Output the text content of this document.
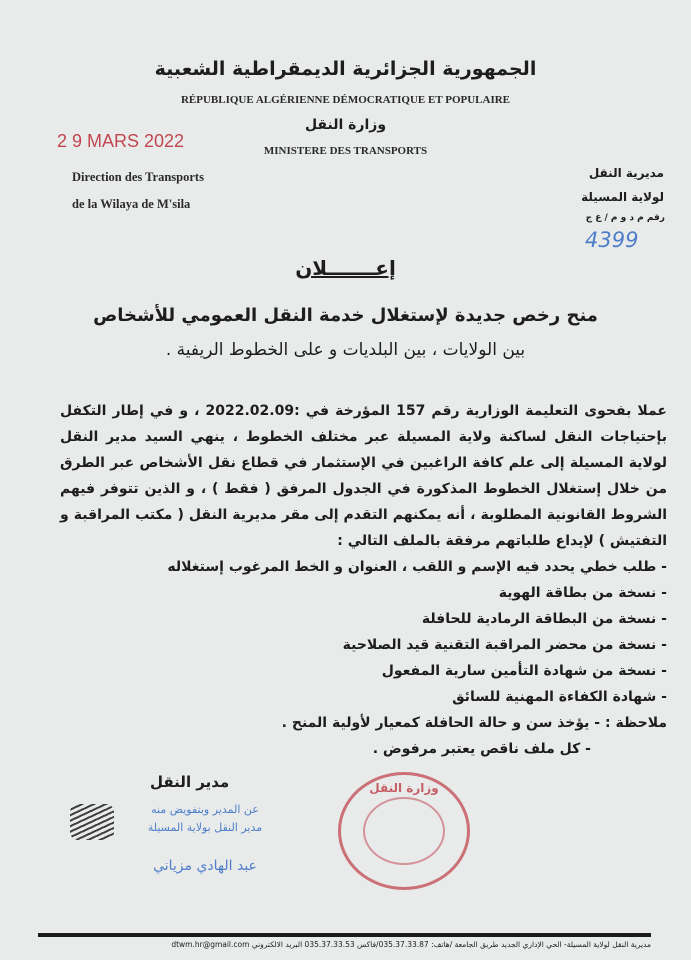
الجمهورية الجزائرية الديمقراطية الشعبية
RÉPUBLIQUE ALGÉRIENNE DÉMOCRATIQUE ET POPULAIRE
وزارة النقل
MINISTERE DES TRANSPORTS
2 9 MARS 2022
Direction des Transports
de la Wilaya de M'sila
مديرية النقل
لولاية المسيلة
رقم م د و م / ع ج
4399
إعـــــــلان
منح رخص جديدة لإستغلال خدمة النقل العمومي للأشخاص
بين الولايات ، بين البلديات و على الخطوط الريفية .
عملا بفحوى التعليمة الوزارية رقم 157 المؤرخة في :2022.02.09 ، و في إطار التكفل بإحتياجات النقل لساكنة ولاية المسيلة عبر مختلف الخطوط ، ينهي السيد مدير النقل لولاية المسيلة إلى علم كافة الراغبين في الإستثمار في قطاع نقل الأشخاص عبر الطرق من خلال إستغلال الخطوط المذكورة في الجدول المرفق ( فقط ) ، و الذين تتوفر فيهم الشروط القانونية المطلوبة ، أنه يمكنهم التقدم إلى مقر مديرية النقل ( مكتب المراقبة و التفتيش ) لإيداع طلباتهم مرفقة بالملف التالي :
- طلب خطي يحدد فيه الإسم و اللقب ، العنوان و الخط المرغوب إستغلاله
- نسخة من بطاقة الهوية
- نسخة من البطاقة الرمادية للحافلة
- نسخة من محضر المراقبة التقنية قيد الصلاحية
- نسخة من شهادة التأمين سارية المفعول
- شهادة الكفاءة المهنية للسائق
ملاحظة : - يؤخذ سن و حالة الحافلة كمعيار لأولية المنح .
- كل ملف ناقص يعتبر مرفوض .
مدير النقل
عن المدير وبتفويض منه
مدير النقل بولاية المسيلة
عبد الهادي مزياني
وزارة النقل
مديرية النقل لولاية المسيلة- الحي الإداري الجديد طريق الجامعة /هاتف: 035.37.33.87/فاكس 035.37.33.53 البريد الالكتروني dtwm.hr@gmail.com
